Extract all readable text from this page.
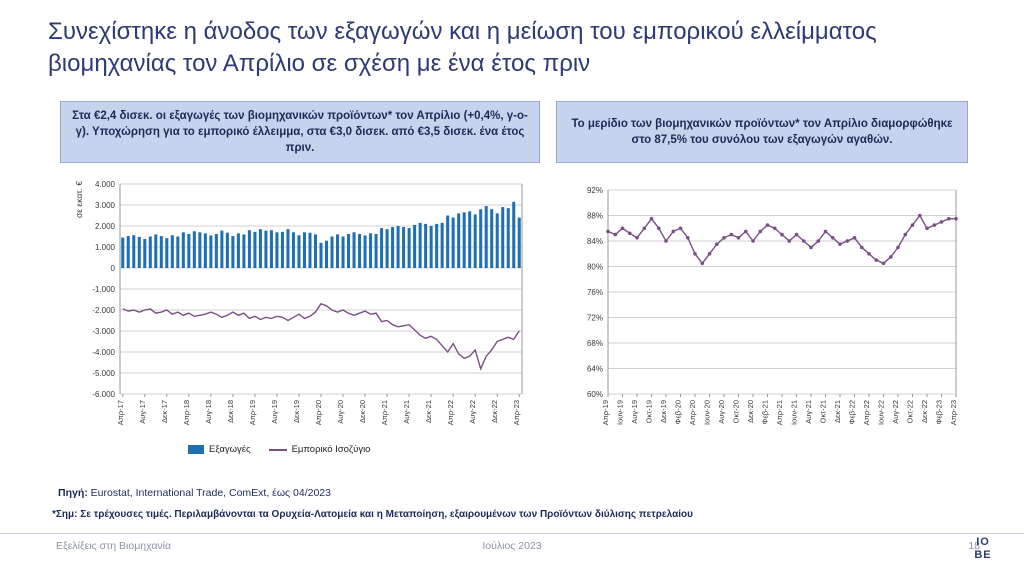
Συνεχίστηκε η άνοδος των εξαγωγών και η μείωση του εμπορικού ελλείμματος βιομηχανίας τον Απρίλιο σε σχέση με ένα έτος πριν
Στα €2,4 δισεκ. οι εξαγωγές των βιομηχανικών προϊόντων* τον Απρίλιο (+0,4%, γ-ο-γ). Υποχώρηση για το εμπορικό έλλειμμα, στα €3,0 δισεκ. από €3,5 δισεκ. ένα έτος πριν.
Το μερίδιο των βιομηχανικών προϊόντων* τον Απρίλιο διαμορφώθηκε στο 87,5% του συνόλου των εξαγωγών αγαθών.
4.000
3.000
2.000
1.000
0
-1.000
-2.000
-3.000
-4.000
-5.000
-6.000
Απρ-17 Αυγ-17 Δεκ-17 Απρ-18 Αυγ-18 Δεκ-18 Απρ-19 Αυγ-19 Δεκ-19 Απρ-20 Αυγ-20 Δεκ-20 Απρ-21 Αυγ-21 Δεκ-21 Απρ-22 Αυγ-22 Δεκ-22 Απρ-23
σε εκατ. €
Εξαγωγές	Εμπορικό Ισοζύγιο
92%
88%
84%
80%
76%
72%
68%
64%
60%
Απρ-19 Ιουν-19 Αυγ-19 Οκτ-19 Δεκ-19 Φεβ-20 Απρ-20 Ιουν-20 Αυγ-20 Οκτ-20 Δεκ-20 Φεβ-21 Απρ-21 Ιουν-21 Αυγ-21 Οκτ-21 Δεκ-21 Φεβ-22 Απρ-22 Ιουν-22 Αυγ-22 Οκτ-22 Δεκ-22 Φεβ-23 Απρ-23
Πηγή: Eurostat, International Trade, ComExt, έως 04/2023
*Σημ: Σε τρέχουσες τιμές. Περιλαμβάνονται τα Ορυχεία-Λατομεία και η Μεταποίηση, εξαιρουμένων των Προϊόντων διύλισης πετρελαίου
Εξελίξεις στη Βιομηχανία	Ιούλιος 2023	18
ΙΟ
ΒΕ
